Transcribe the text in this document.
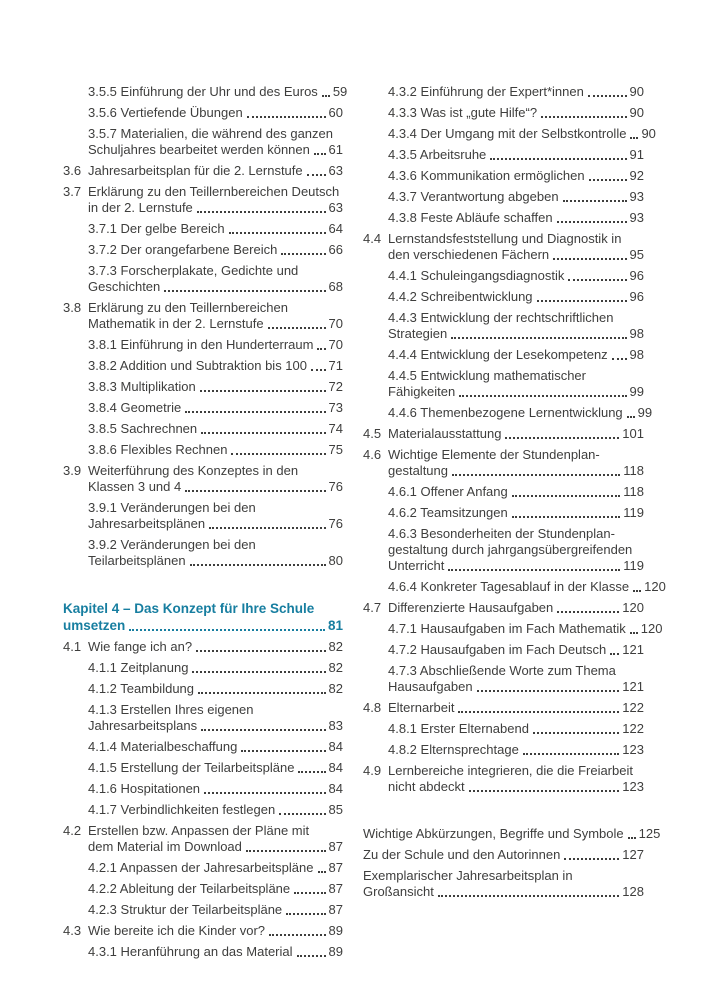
3.5.5 Einführung der Uhr und des Euros 59
3.5.6 Vertiefende Übungen	60
3.5.7 Materialien, die während des ganzen
Schuljahres bearbeitet werden können 61
3.6 Jahresarbeitsplan für die 2. Lernstufe 63
3.7 Erklärung zu den Teillernbereichen Deutsch
in der 2. Lernstufe	63
3.7.1 Der gelbe Bereich	64
3.7.2 Der orangefarbene Bereich	66
3.7.3 Forscherplakate, Gedichte und
Geschichten	68
3.8 Erklärung zu den Teillernbereichen
Mathematik in der 2. Lernstufe	70
3.8.1 Einführung in den Hunderterraum 70
3.8.2 Addition und Subtraktion bis 100 71
3.8.3 Multiplikation	72
3.8.4 Geometrie	73
3.8.5 Sachrechnen	74
3.8.6 Flexibles Rechnen	75
3.9 Weiterführung des Konzeptes in den
Klassen 3 und 4	76
3.9.1 Veränderungen bei den
Jahresarbeitsplänen	76
3.9.2 Veränderungen bei den
Teilarbeitsplänen	80
Kapitel 4 – Das Konzept für Ihre Schule
umsetzen	81
4.1 Wie fange ich an?	82
4.1.1 Zeitplanung	82
4.1.2 Teambildung	82
4.1.3 Erstellen Ihres eigenen
Jahresarbeitsplans	83
4.1.4 Materialbeschaffung	84
4.1.5 Erstellung der Teilarbeitspläne	84
4.1.6 Hospitationen	84
4.1.7 Verbindlichkeiten festlegen	85
4.2 Erstellen bzw. Anpassen der Pläne mit
dem Material im Download	87
4.2.1 Anpassen der Jahresarbeitspläne 87
4.2.2 Ableitung der Teilarbeitspläne	87
4.2.3 Struktur der Teilarbeitspläne	87
4.3 Wie bereite ich die Kinder vor?	89
4.3.1 Heranführung an das Material	89
4.3.2 Einführung der Expert*innen	90
4.3.3 Was ist „gute Hilfe“?	90
4.3.4 Der Umgang mit der Selbstkontrolle 90
4.3.5 Arbeitsruhe	91
4.3.6 Kommunikation ermöglichen	92
4.3.7 Verantwortung abgeben	93
4.3.8 Feste Abläufe schaffen	93
4.4 Lernstandsfeststellung und Diagnostik in
den verschiedenen Fächern	95
4.4.1 Schuleingangsdiagnostik	96
4.4.2 Schreibentwicklung	96
4.4.3 Entwicklung der rechtschriftlichen
Strategien	98
4.4.4 Entwicklung der Lesekompetenz 98
4.4.5 Entwicklung mathematischer
Fähigkeiten	99
4.4.6 Themenbezogene Lernentwicklung 99
4.5 Materialausstattung	101
4.6 Wichtige Elemente der Stundenplan-
gestaltung	118
4.6.1 Offener Anfang	118
4.6.2 Teamsitzungen	119
4.6.3 Besonderheiten der Stundenplan-
gestaltung durch jahrgangsübergreifenden
Unterricht	119
4.6.4 Konkreter Tagesablauf in der Klasse 120
4.7 Differenzierte Hausaufgaben	120
4.7.1 Hausaufgaben im Fach Mathematik 120
4.7.2 Hausaufgaben im Fach Deutsch 121
4.7.3 Abschließende Worte zum Thema
Hausaufgaben	121
4.8 Elternarbeit	122
4.8.1 Erster Elternabend	122
4.8.2 Elternsprechtage	123
4.9 Lernbereiche integrieren, die die Freiarbeit
nicht abdeckt	123
Wichtige Abkürzungen, Begriffe und Symbole 125
Zu der Schule und den Autorinnen	127
Exemplarischer Jahresarbeitsplan in
Großansicht	128
